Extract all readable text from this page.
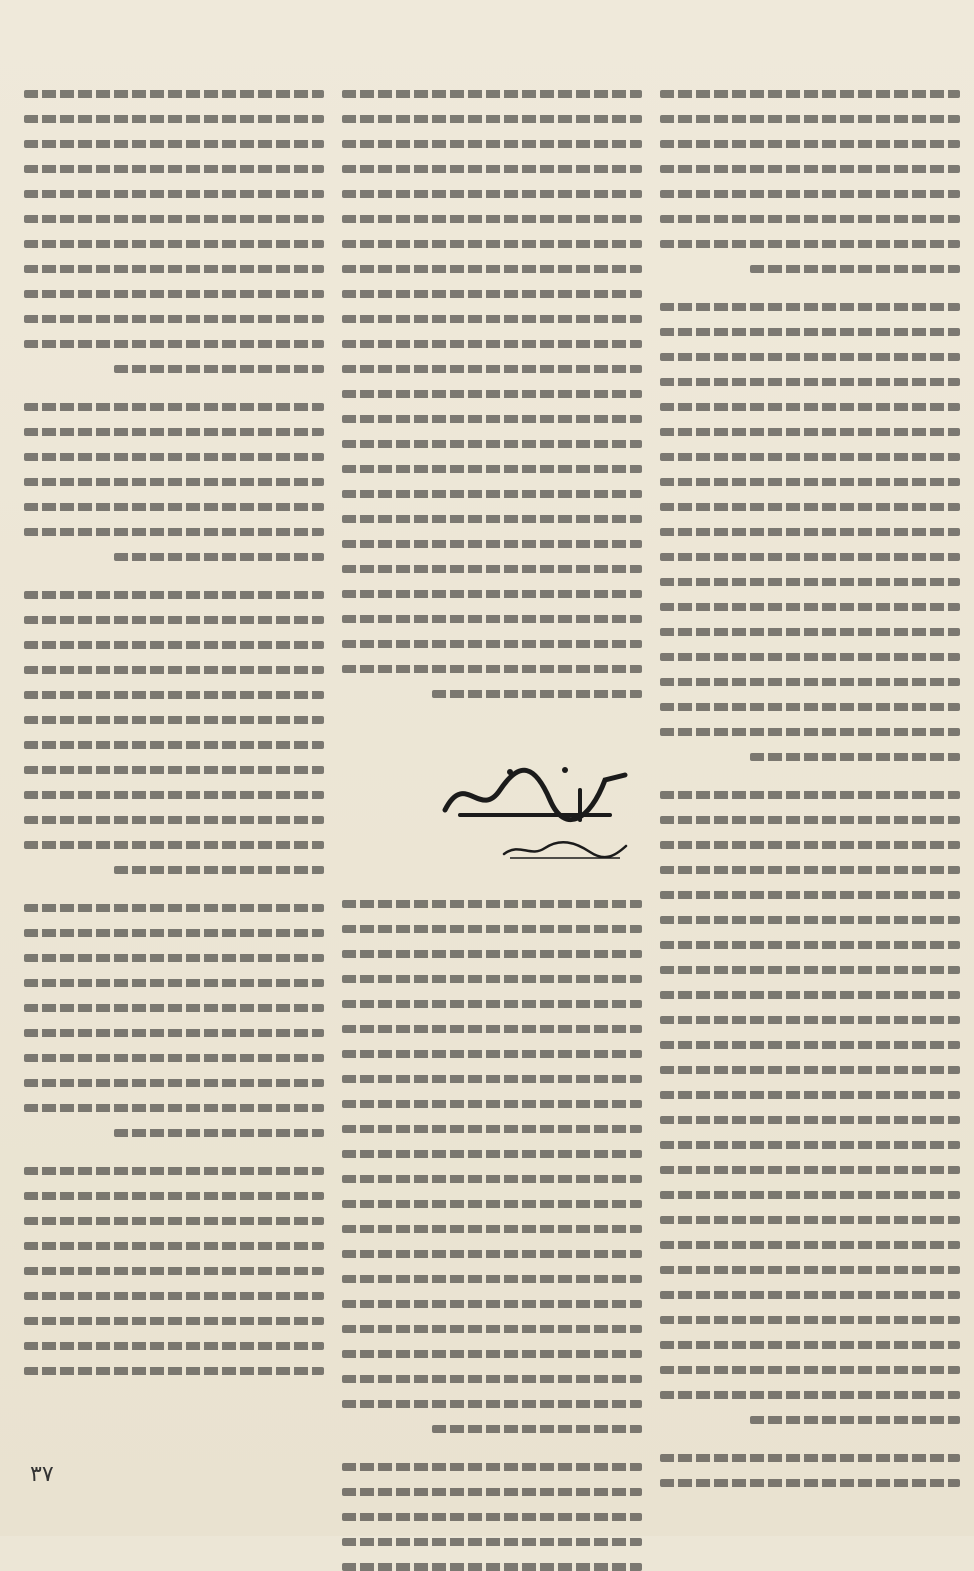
٣٧
